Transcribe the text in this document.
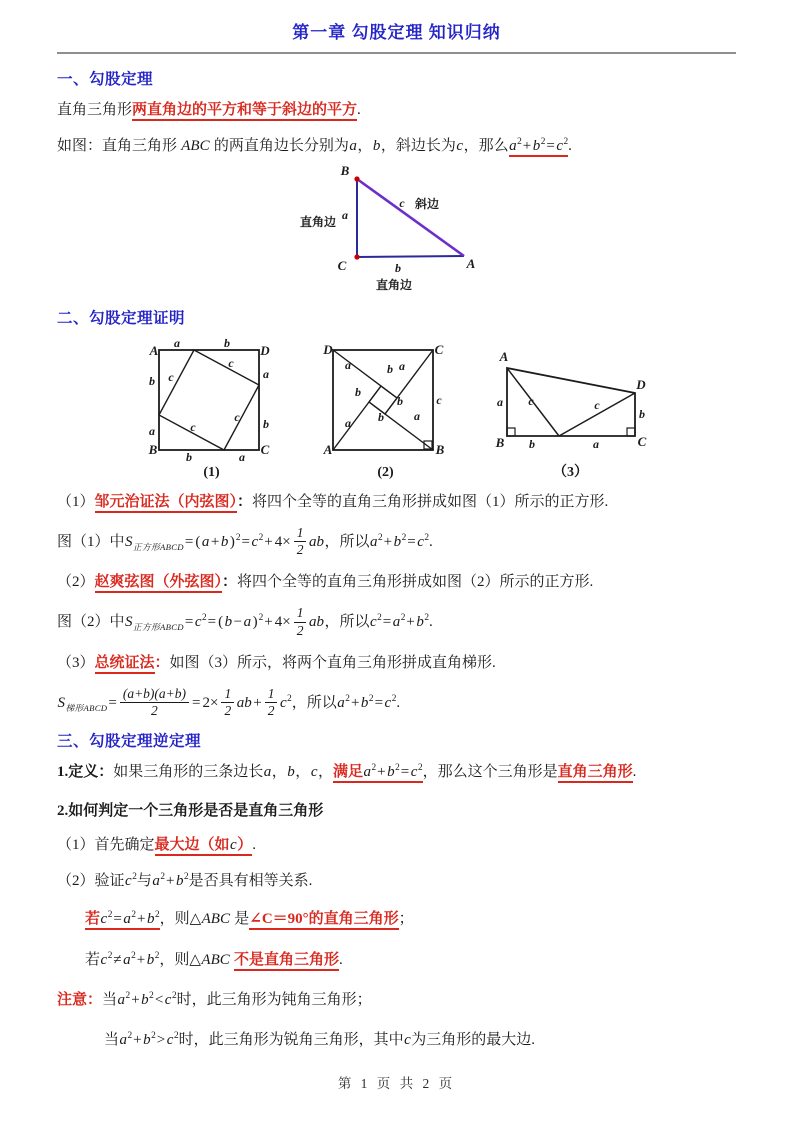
第一章 勾股定理 知识归纳
一、勾股定理

直角三角形两直角边的平方和等于斜边的平方.

如图：直角三角形 ABC 的两直角边长分别为a，b，斜边长为c，那么$a^2+ b^2= c^2$.

B
C	A
a
b
c
直角边
斜边
直角边
二、勾股定理证明
A	D
B	C
a	b
b
a
a
b
b	a
c
c
c
c
(1)
D	C
A	B
a
b
b a
b
b
a	a
c
(2)
A
D
B	C
a
b
b	a
c	c
（3）

（1）邹元治证法（内弦图）：将四个全等的直角三角形拼成如图（1）所示的正方形.

图（1）中$S_{正方形ABCD}=$ ( a + b )$^2= c^2+ 4\times \frac{1}{2}$ ab，所以$a^2+ b^2= c^2$.

（2）赵爽弦图（外弦图）：将四个全等的直角三角形拼成如图（2）所示的正方形.

图（2）中$S_{正方形ABCD}= c^2=$ ( b − a )$^2+ 4\times \frac{1}{2}$ ab，所以$c^2= a^2+ b^2$.

（3）总统证法：如图（3）所示，将两个直角三角形拼成直角梯形.

$S_{梯形ABCD}= \frac{(a+b)(a+b)}{2} = 2\times \frac{1}{2}$ ab + $\frac{1}{2} c^2$，所以$a^2+ b^2= c^2$.

三、勾股定理逆定理

1.定义：如果三角形的三条边长a，b，c，满足$a^2+ b^2= c^2$，那么这个三角形是直角三角形.

2.如何判定一个三角形是否是直角三角形

（1）首先确定最大边（如c）.

（2）验证$c^2$与$a^2+ b^2$是否具有相等关系.

若$c^2= a^2+ b^2$，则△ABC 是∠C＝90°的直角三角形；

若$c^2\ne a^2+ b^2$，则△ABC 不是直角三角形.

注意：当$a^2+ b^2< c^2$时，此三角形为钝角三角形；

当$a^2+ b^2> c^2$时，此三角形为锐角三角形，其中c为三角形的最大边.

第 1 页 共 2 页
